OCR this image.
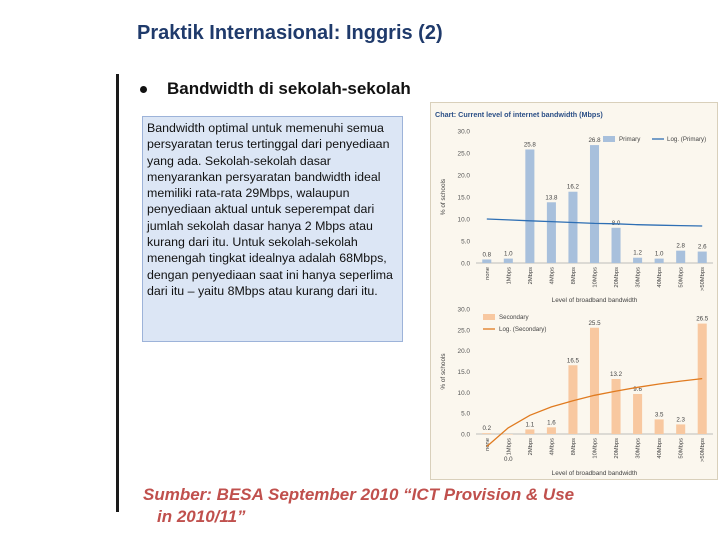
Praktik Internasional: Inggris (2)
Bandwidth di sekolah-sekolah
Bandwidth optimal untuk memenuhi semua persyaratan terus tertinggal dari penyediaan yang ada. Sekolah-sekolah dasar menyarankan persyaratan bandwidth ideal memiliki rata-rata 29Mbps, walaupun penyediaan aktual untuk seperempat dari jumlah sekolah dasar hanya 2 Mbps atau kurang dari itu. Untuk sekolah-sekolah menengah tingkat idealnya adalah 68Mbps, dengan penyediaan saat ini hanya seperlima dari itu – yaitu 8Mbps atau kurang dari itu.
Chart: Current level of internet bandwidth (Mbps)
0.0
5.0
10.0
15.0
20.0
25.0
30.0
% of schools
0.8 1.0
25.8
13.8
16.2
26.8
8.0
1.2 1.0
2.8 2.6
none	1Mbps	2Mbps	4Mbps	8Mbps	10Mbps	20Mbps	30Mbps	40Mbps	50Mbps	>50Mbps
Level of broadband bandwidth
Primary	Log. (Primary)
0.0
5.0
10.0
15.0
20.0
25.0
30.0
% of schools
0.2
0.0
1.1 1.6
16.5
25.5
13.2
9.6
3.5
2.3
26.5
none	1Mbps	2Mbps	4Mbps	8Mbps	10Mbps	20Mbps	30Mbps	40Mbps	50Mbps	>50Mbps
Level of broadband bandwidth
Secondary
Log. (Secondary)
Sumber: BESA September 2010 “ICT Provision & Use
in 2010/11”
